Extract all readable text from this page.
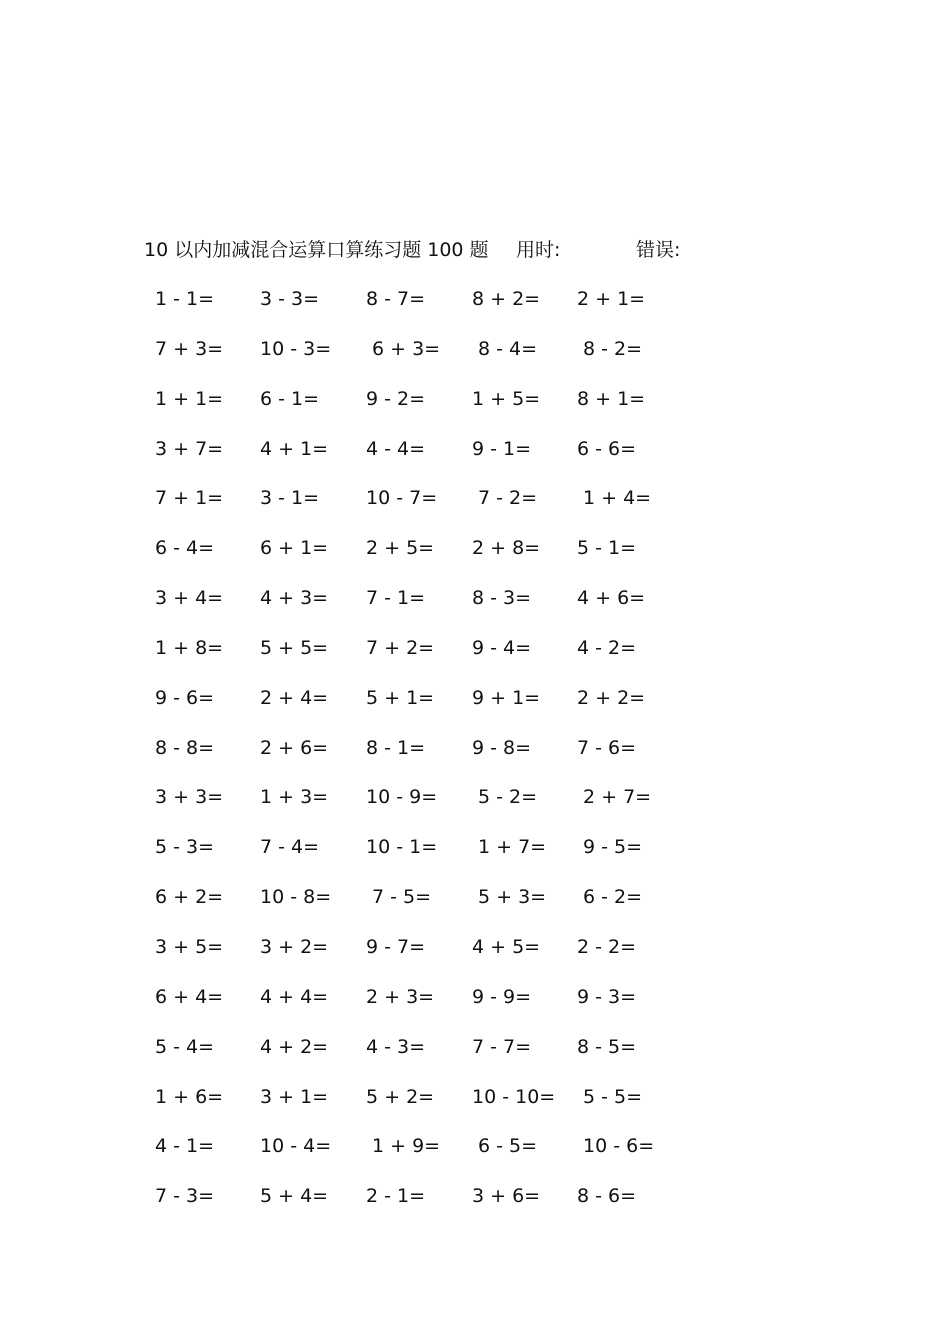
10 以内加减混合运算口算练习题 100 题 用时:	错误:
1 - 1= 3 - 3= 8 - 7= 8 + 2= 2 + 1=
7 + 3= 10 - 3= 6 + 3= 8 - 4= 8 - 2=
1 + 1= 6 - 1= 9 - 2= 1 + 5= 8 + 1=
3 + 7= 4 + 1= 4 - 4= 9 - 1= 6 - 6=
7 + 1= 3 - 1= 10 - 7= 7 - 2= 1 + 4=
6 - 4= 6 + 1= 2 + 5= 2 + 8= 5 - 1=
3 + 4= 4 + 3= 7 - 1= 8 - 3= 4 + 6=
1 + 8= 5 + 5= 7 + 2= 9 - 4= 4 - 2=
9 - 6= 2 + 4= 5 + 1= 9 + 1= 2 + 2=
8 - 8= 2 + 6= 8 - 1= 9 - 8= 7 - 6=
3 + 3= 1 + 3= 10 - 9= 5 - 2= 2 + 7=
5 - 3= 7 - 4= 10 - 1= 1 + 7= 9 - 5=
6 + 2= 10 - 8= 7 - 5= 5 + 3= 6 - 2=
3 + 5= 3 + 2= 9 - 7= 4 + 5= 2 - 2=
6 + 4= 4 + 4= 2 + 3= 9 - 9= 9 - 3=
5 - 4= 4 + 2= 4 - 3= 7 - 7= 8 - 5=
1 + 6= 3 + 1= 5 + 2= 10 - 10= 5 - 5=
4 - 1= 10 - 4= 1 + 9= 6 - 5= 10 - 6=
7 - 3= 5 + 4= 2 - 1= 3 + 6= 8 - 6=
